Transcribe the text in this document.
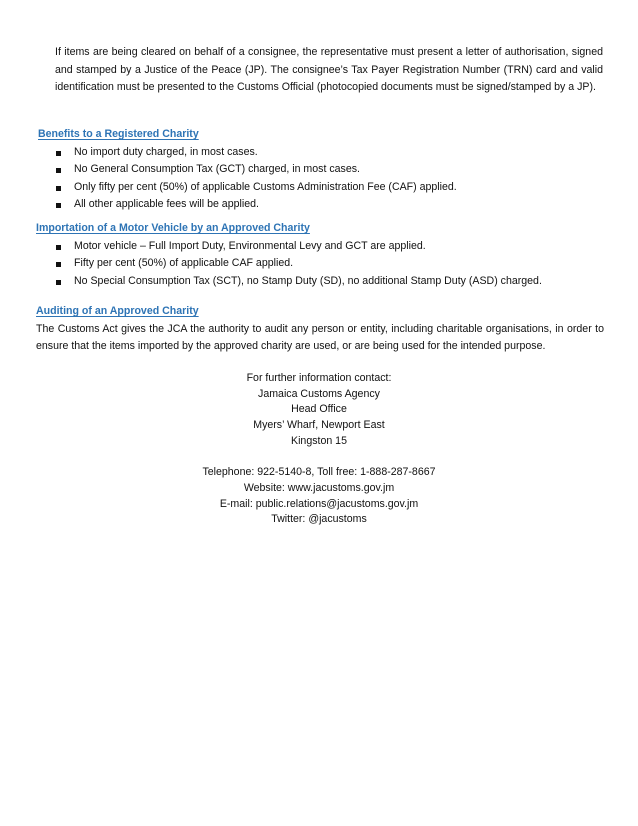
If items are being cleared on behalf of a consignee, the representative must present a letter of authorisation, signed and stamped by a Justice of the Peace (JP). The consignee’s Tax Payer Registration Number (TRN) card and valid identification must be presented to the Customs Official (photocopied documents must be signed/stamped by a JP).

Benefits to a Registered Charity
No import duty charged, in most cases.
No General Consumption Tax (GCT) charged, in most cases.
Only fifty per cent (50%) of applicable Customs Administration Fee (CAF) applied.
All other applicable fees will be applied.
Importation of a Motor Vehicle by an Approved Charity
Motor vehicle – Full Import Duty, Environmental Levy and GCT are applied.
Fifty per cent (50%) of applicable CAF applied.
No Special Consumption Tax (SCT), no Stamp Duty (SD), no additional Stamp Duty (ASD) charged.
Auditing of an Approved Charity
The Customs Act gives the JCA the authority to audit any person or entity, including charitable organisations, in order to ensure that the items imported by the approved charity are used, or are being used for the intended purpose.
For further information contact:
Jamaica Customs Agency
Head Office
Myers’ Wharf, Newport East
Kingston 15
Telephone: 922-5140-8, Toll free: 1-888-287-8667
Website: www.jacustoms.gov.jm
E-mail: public.relations@jacustoms.gov.jm
Twitter: @jacustoms
